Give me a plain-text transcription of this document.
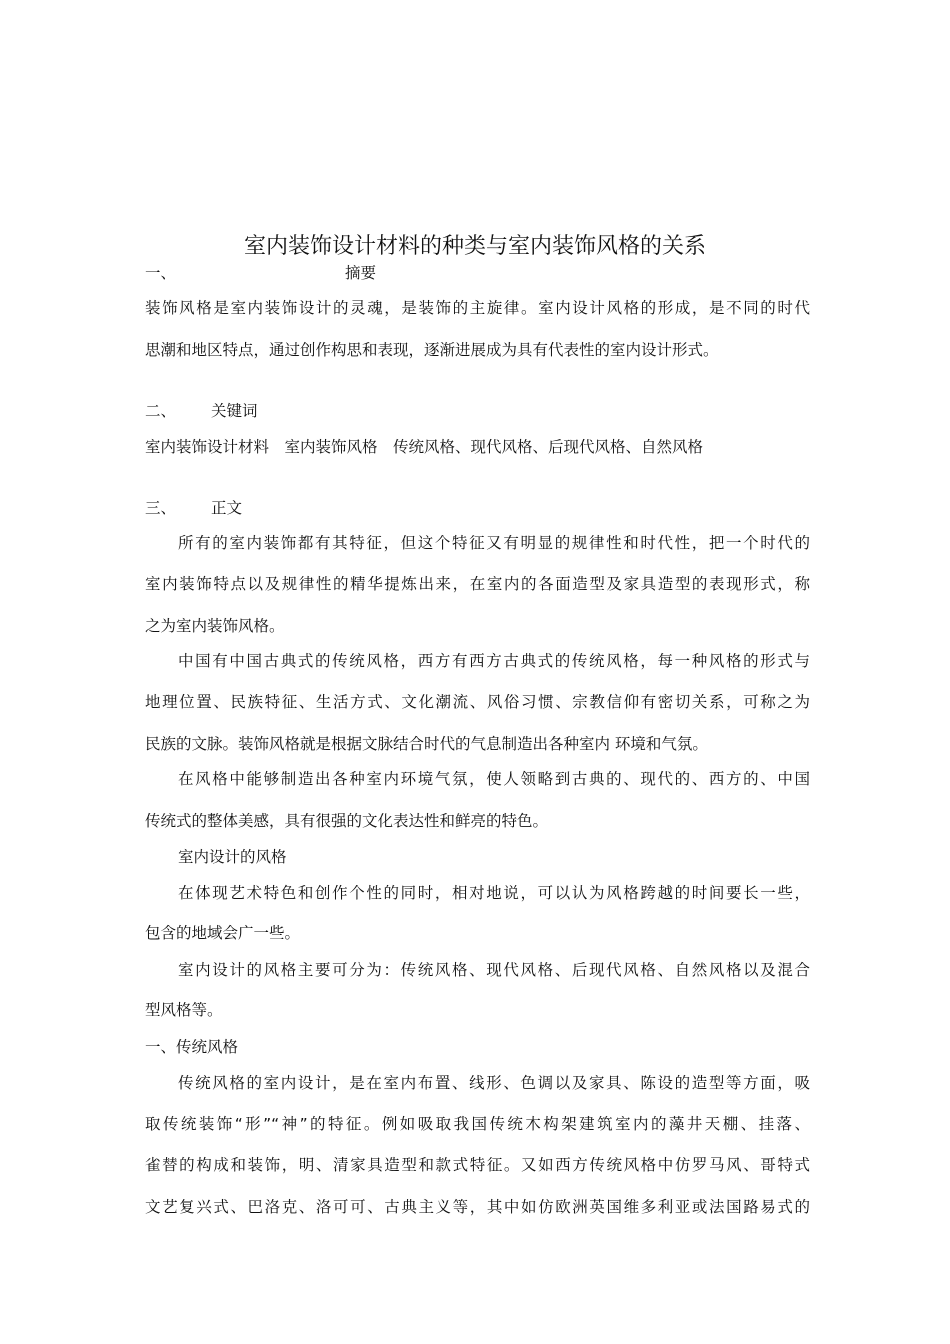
室内装饰设计材料的种类与室内装饰风格的关系
一、	摘要
装饰风格是室内装饰设计的灵魂，是装饰的主旋律。室内设计风格的形成，是不同的时代
思潮和地区特点，通过创作构思和表现，逐渐进展成为具有代表性的室内设计形式。
二、 关键词
室内装饰设计材料　室内装饰风格　传统风格、现代风格、后现代风格、自然风格
三、 正文
所有的室内装饰都有其特征，但这个特征又有明显的规律性和时代性，把一个时代的
室内装饰特点以及规律性的精华提炼出来，在室内的各面造型及家具造型的表现形式，称
之为室内装饰风格。
中国有中国古典式的传统风格，西方有西方古典式的传统风格，每一种风格的形式与
地理位置、民族特征、生活方式、文化潮流、风俗习惯、宗教信仰有密切关系，可称之为
民族的文脉。装饰风格就是根据文脉结合时代的气息制造出各种室内 环境和气氛。
在风格中能够制造出各种室内环境气氛，使人领略到古典的、现代的、西方的、中国
传统式的整体美感，具有很强的文化表达性和鲜亮的特色。
室内设计的风格
在体现艺术特色和创作个性的同时，相对地说，可以认为风格跨越的时间要长一些，
包含的地域会广一些。
室内设计的风格主要可分为：传统风格、现代风格、后现代风格、自然风格以及混合
型风格等。
一、传统风格
传统风格的室内设计，是在室内布置、线形、色调以及家具、陈设的造型等方面，吸
取传统装饰“形”“神”的特征。例如吸取我国传统木构架建筑室内的藻井天棚、挂落、
雀替的构成和装饰，明、清家具造型和款式特征。又如西方传统风格中仿罗马风、哥特式
文艺复兴式、巴洛克、洛可可、古典主义等，其中如仿欧洲英国维多利亚或法国路易式的
